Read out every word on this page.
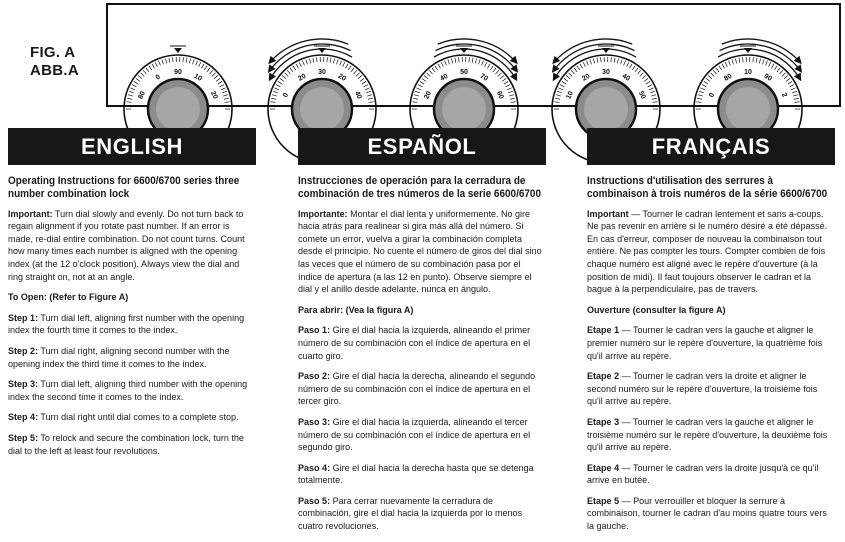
FIG. A
ABB.A
80
0
90
10
20	0
20
30
20
40	20
40
50
70
60	10
20
30
40
50	0
80
10
90
2
ENGLISH
Operating Instructions for 6600/6700 series three number combination lock

Important: Turn dial slowly and evenly. Do not turn back to regain alignment if you rotate past number. If an error is made, re-dial entire combination. Do not count turns. Count how many times each number is aligned with the opening index (at the 12 o'clock position). Always view the dial and ring straight on, not at an angle.

To Open: (Refer to Figure A)

Step 1: Turn dial left, aligning first number with the opening index the fourth time it comes to the index.

Step 2: Turn dial right, aligning second number with the opening index the third time it comes to the index.

Step 3: Turn dial left, aligning third number with the opening index the second time it comes to the index.

Step 4: Turn dial right until dial comes to a complete stop.

Step 5: To relock and secure the combination lock, turn the dial to the left at least four revolutions.

ESPAÑOL
Instrucciones de operación para la cerradura de combinación de tres números de la serie 6600/6700

Importante: Montar el dial lenta y uniformemente. No gire hacia atrás para realinear si gira más allá del número. Si comete un error, vuelva a girar la combinación completa desde el principio. No cuente el número de giros del dial sino las veces que el número de su combinación pasa por el índice de apertura (a las 12 en punto). Observe siempre el dial y el anillo desde adelante, nunca en ángulo.

Para abrir: (Vea la figura A)

Paso 1: Gire el dial hacia la izquierda, alineando el primer número de su combinación con el índice de apertura en el cuarto giro.

Paso 2: Gire el dial hacia la derecha, alineando el segundo número de su combinación con el índice de apertura en el tercer giro.

Paso 3: Gire el dial hacia la izquierda, alineando el tercer número de su combinación con el índice de apertura en el segundo giro.

Paso 4: Gire el dial hacia la derecha hasta que se detenga totalmente.

Paso 5: Para cerrar nuevamente la cerradura de combinación, gire el dial hacia la izquierda por lo menos cuatro revoluciones.

FRANÇAIS
Instructions d'utilisation des serrures à combinaison à trois numéros de la série 6600/6700

Important — Tourner le cadran lentement et sans a-coups. Ne pas revenir en arrière si le numéro désiré a été dépassé. En cas d'erreur, composer de nouveau la combinaison tout entière. Ne pas compter les tours. Compter combien de fois chaque numéro est aligné avec le repère d'ouverture (à la position de midi). Il faut toujours observer le cadran et la bague à la perpendiculaire, pas de travers.

Ouverture (consulter la figure A)

Etape 1 — Tourner le cadran vers la gauche et aligner le premier numéro sur le repère d'ouverture, la quatrième fois qu'il arrive au repère.

Etape 2 — Tourner le cadran vers la droite et aligner le second numéro sur le repère d'ouverture, la troisième fois qu'il arrive au repère.

Etape 3 — Tourner le cadran vers la gauche et aligner le troisième numéro sur le repère d'ouverture, la deuxième fois qu'il arrive au repère.

Etape 4 — Tourner le cadran vers la droite jusqu'à ce qu'il arrive en butée.

Etape 5 — Pour verrouiller et bloquer la serrure à combinaison, tourner le cadran d'au moins quatre tours vers la gauche.
